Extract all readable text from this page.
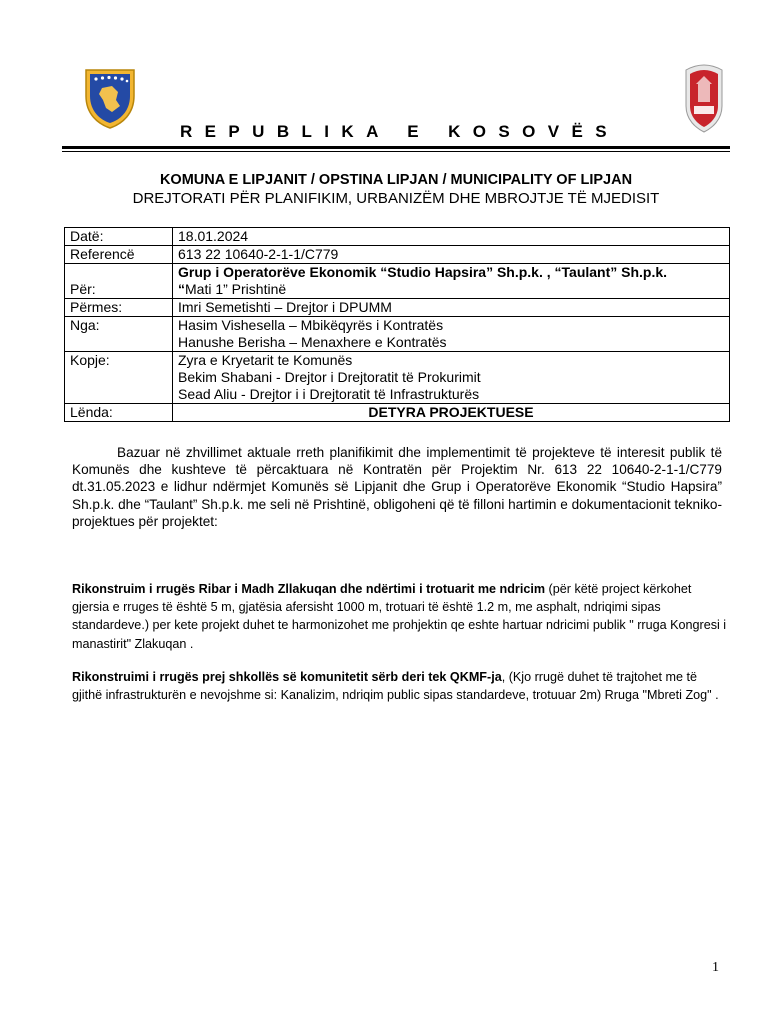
REPUBLIKA E KOSOVËS
KOMUNA E LIPJANIT / OPSTINA LIPJAN / MUNICIPALITY OF LIPJAN
DREJTORATI PËR PLANIFIKIM, URBANIZËM DHE MBROJTJE TË MJEDISIT
Datë:	18.01.2024
Referencë	613 22 10640-2-1-1/C779
Për:	Grup i Operatorëve Ekonomik “Studio Hapsira” Sh.p.k. , “Taulant” Sh.p.k.
“Mati 1” Prishtinë

Përmes:	Imri Semetishti – Drejtor i DPUMM
Nga:	Hasim Vishesella – Mbikëqyrës i Kontratës
Hanushe Berisha – Menaxhere e Kontratës

Kopje:	Zyra e Kryetarit te Komunës
Bekim Shabani - Drejtor i Drejtoratit të Prokurimit
Sead Aliu - Drejtor i i Drejtoratit të Infrastrukturës

Lënda:	DETYRA PROJEKTUESE
Bazuar në zhvillimet aktuale rreth planifikimit dhe implementimit të projekteve të interesit publik të Komunës dhe kushteve të përcaktuara në Kontratën për Projektim Nr. 613 22 10640-2-1-1/C779 dt.31.05.2023 e lidhur ndërmjet Komunës së Lipjanit dhe Grup i Operatorëve Ekonomik “Studio Hapsira” Sh.p.k. dhe “Taulant” Sh.p.k. me seli në Prishtinë, obligoheni që të filloni hartimin e dokumentacionit tekniko-projektues për projektet:
Rikonstruim i rrugës Ribar i Madh Zllakuqan dhe ndërtimi i trotuarit me ndricim (për këtë project kërkohet gjersia e rruges të është 5 m, gjatësia afersisht 1000 m, trotuari të është 1.2 m, me asphalt, ndriqimi sipas standardeve.) per kete projekt duhet te harmonizohet me prohjektin qe eshte hartuar ndricimi publik " rruga Kongresi i manastirit" Zlakuqan .
Rikonstruimi i rrugës prej shkollës së komunitetit sërb deri tek QKMF-ja, (Kjo rrugë duhet të trajtohet me të gjithë infrastrukturën e nevojshme si: Kanalizim, ndriqim public sipas standardeve, trotuuar 2m) Rruga "Mbreti Zog" .
1
